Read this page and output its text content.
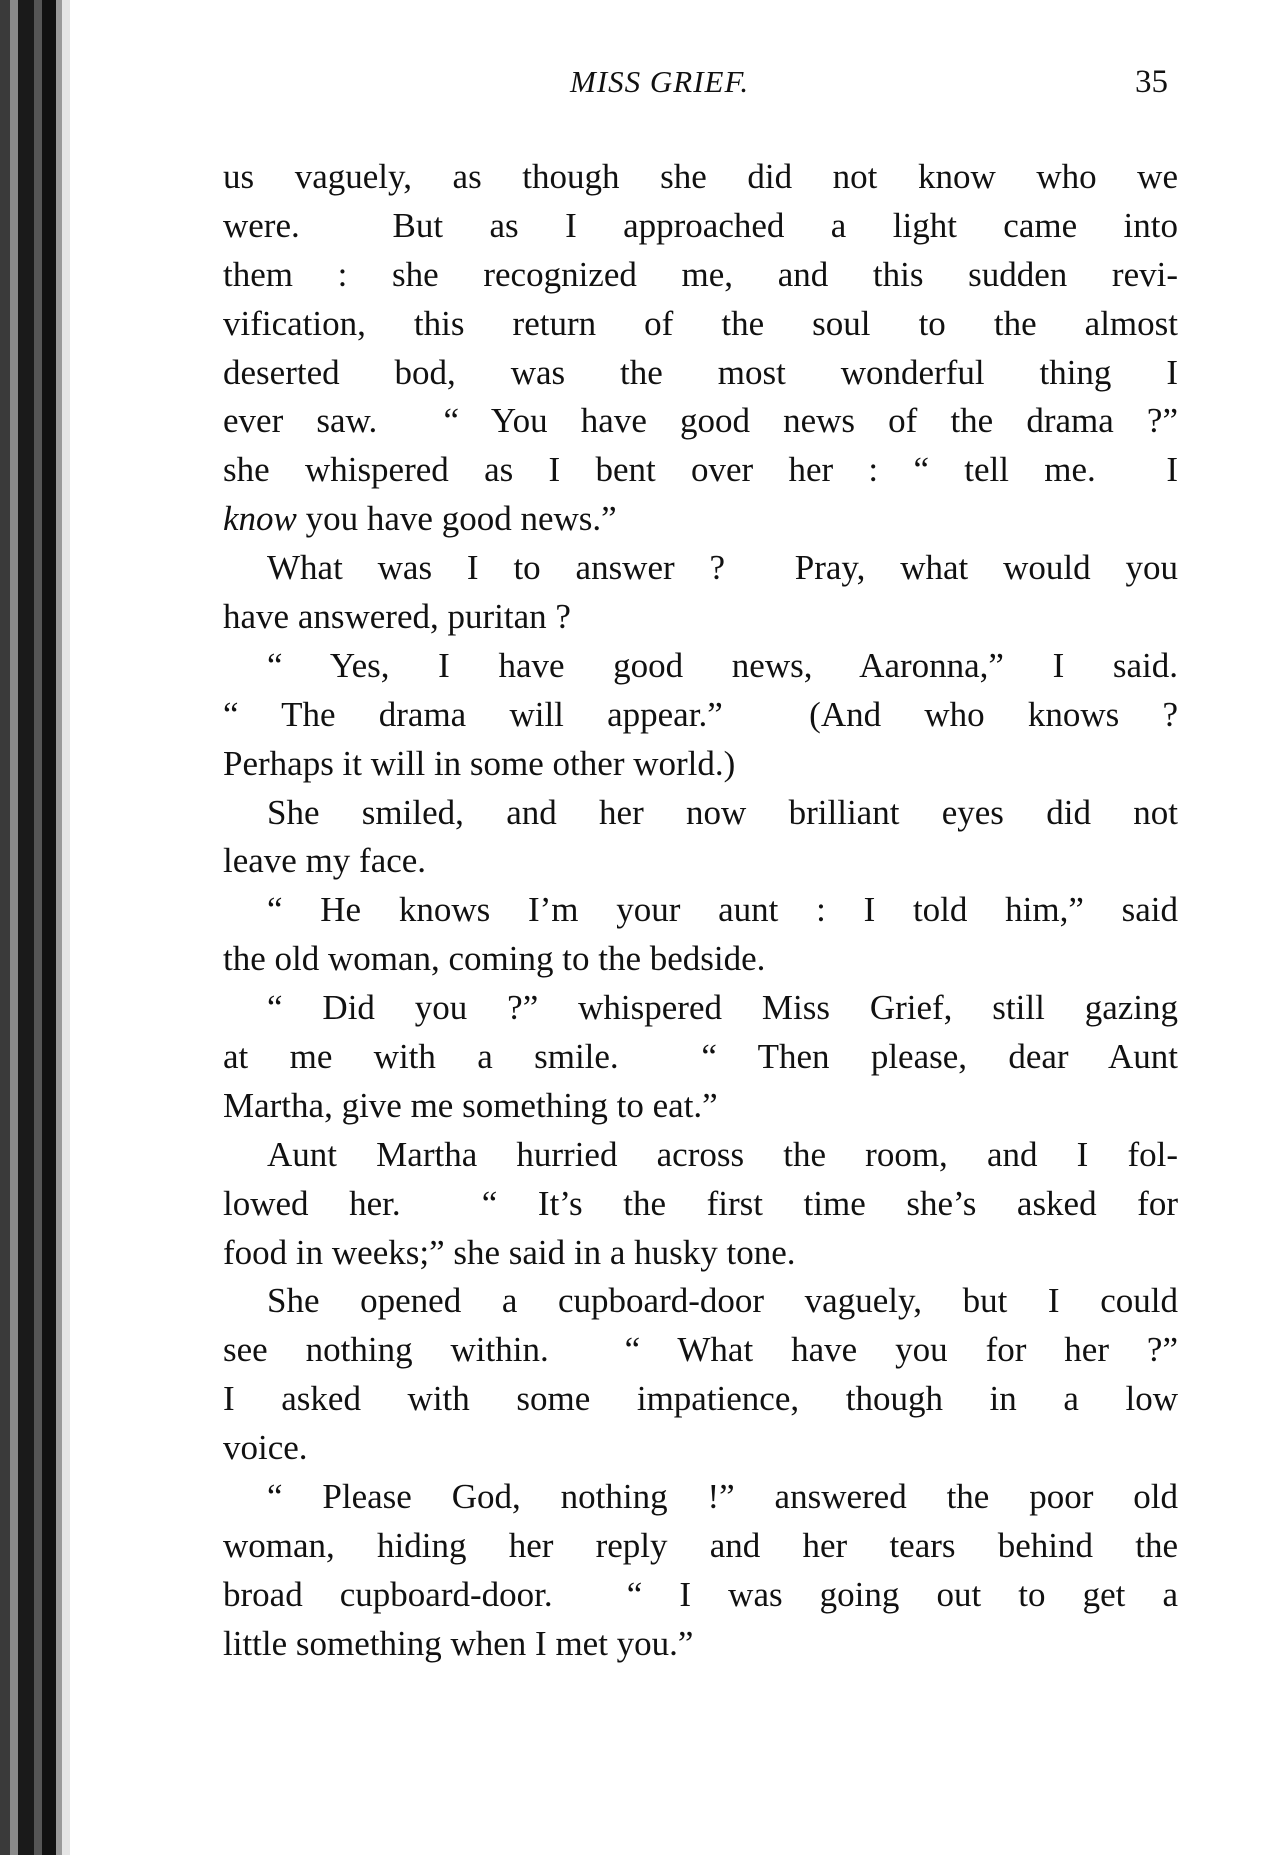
MISS GRIEF.	35
us vaguely, as though she did not know who we
were.  But as I approached a light came into
them : she recognized me, and this sudden revi-
vification, this return of the soul to the almost
deserted bod, was the most wonderful thing I
ever saw.  “ You have good news of the drama ?”
she whispered as I bent over her : “ tell me.  I
know you have good news.”
What was I to answer ?  Pray, what would you
have answered, puritan ?
“ Yes, I have good news, Aaronna,” I said.
“ The drama will appear.”  (And who knows ?
Perhaps it will in some other world.)
She smiled, and her now brilliant eyes did not
leave my face.
“ He knows I’m your aunt : I told him,” said
the old woman, coming to the bedside.
“ Did you ?” whispered Miss Grief, still gazing
at me with a smile.  “ Then please, dear Aunt
Martha, give me something to eat.”
Aunt Martha hurried across the room, and I fol-
lowed her.  “ It’s the first time she’s asked for
food in weeks;” she said in a husky tone.
She opened a cupboard-door vaguely, but I could
see nothing within.  “ What have you for her ?”
I asked with some impatience, though in a low
voice.
“ Please God, nothing !” answered the poor old
woman, hiding her reply and her tears behind the
broad cupboard-door.  “ I was going out to get a
little something when I met you.”
